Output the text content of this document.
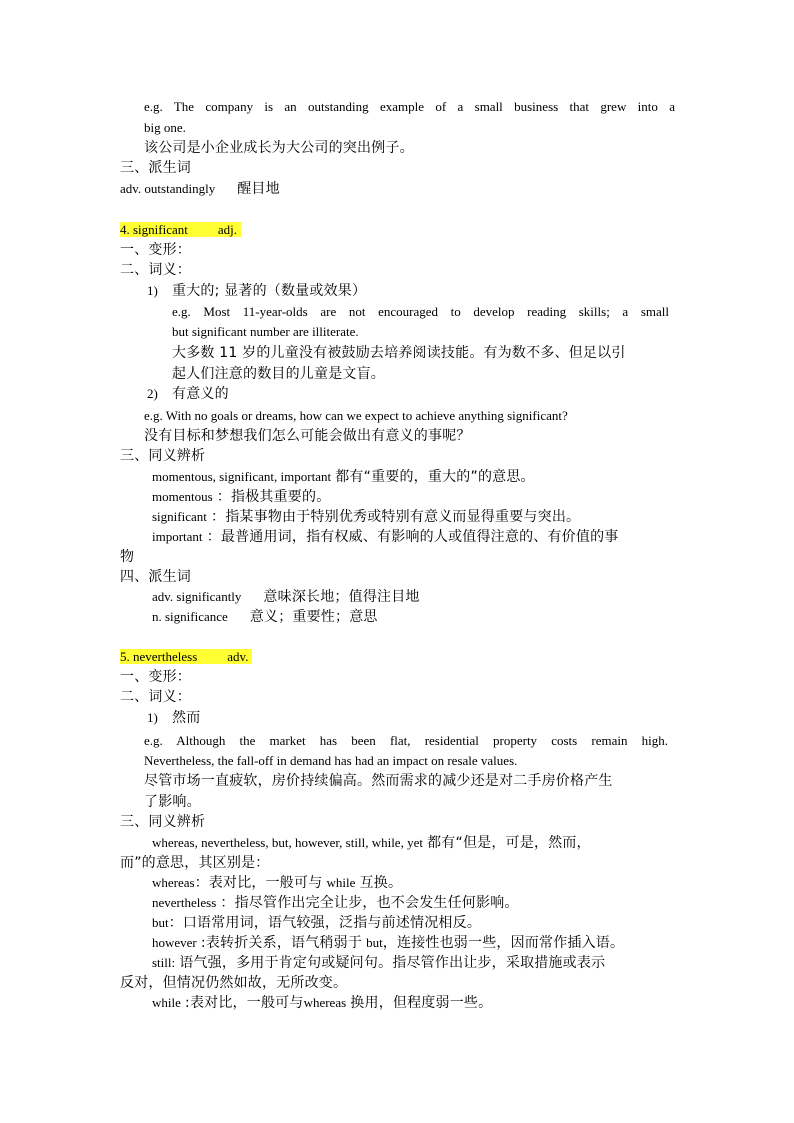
e.g. The company is an outstanding example of a small business that grew into a
big one.
该公司是小企业成长为大公司的突出例子。
三、派生词
adv. outstandingly 醒目地
4. significant adj.
一、变形：
二、词义：
1) 重大的; 显著的（数量或效果）
e.g. Most 11-year-olds are not encouraged to develop reading skills; a small
but significant number are illiterate.
大多数 11 岁的儿童没有被鼓励去培养阅读技能。有为数不多、但足以引
起人们注意的数目的儿童是文盲。
2) 有意义的
e.g. With no goals or dreams, how can we expect to achieve anything significant?
没有目标和梦想我们怎么可能会做出有意义的事呢？
三、同义辨析
momentous, significant, important 都有“重要的，重大的”的意思。
momentous ：指极其重要的。
significant ：指某事物由于特别优秀或特别有意义而显得重要与突出。
important ：最普通用词，指有权威、有影响的人或值得注意的、有价值的事
物
四、派生词
adv. significantly 意味深长地；值得注目地
n. significance 意义；重要性；意思
5. nevertheless adv.
一、变形：
二、词义：
1) 然而
e.g. Although the market has been flat, residential property costs remain high.
Nevertheless, the fall-off in demand has had an impact on resale values.
尽管市场一直疲软，房价持续偏高。然而需求的减少还是对二手房价格产生
了影响。
三、同义辨析
whereas, nevertheless, but, however, still, while, yet 都有“但是，可是，然而，
而”的意思，其区别是：
whereas：表对比，一般可与 while 互换。
nevertheless ：指尽管作出完全让步，也不会发生任何影响。
but：口语常用词，语气较强，泛指与前述情况相反。
however :表转折关系，语气稍弱于 but，连接性也弱一些，因而常作插入语。
still: 语气强，多用于肯定句或疑问句。指尽管作出让步，采取措施或表示
反对，但情况仍然如故，无所改变。
while :表对比，一般可与whereas 换用，但程度弱一些。
